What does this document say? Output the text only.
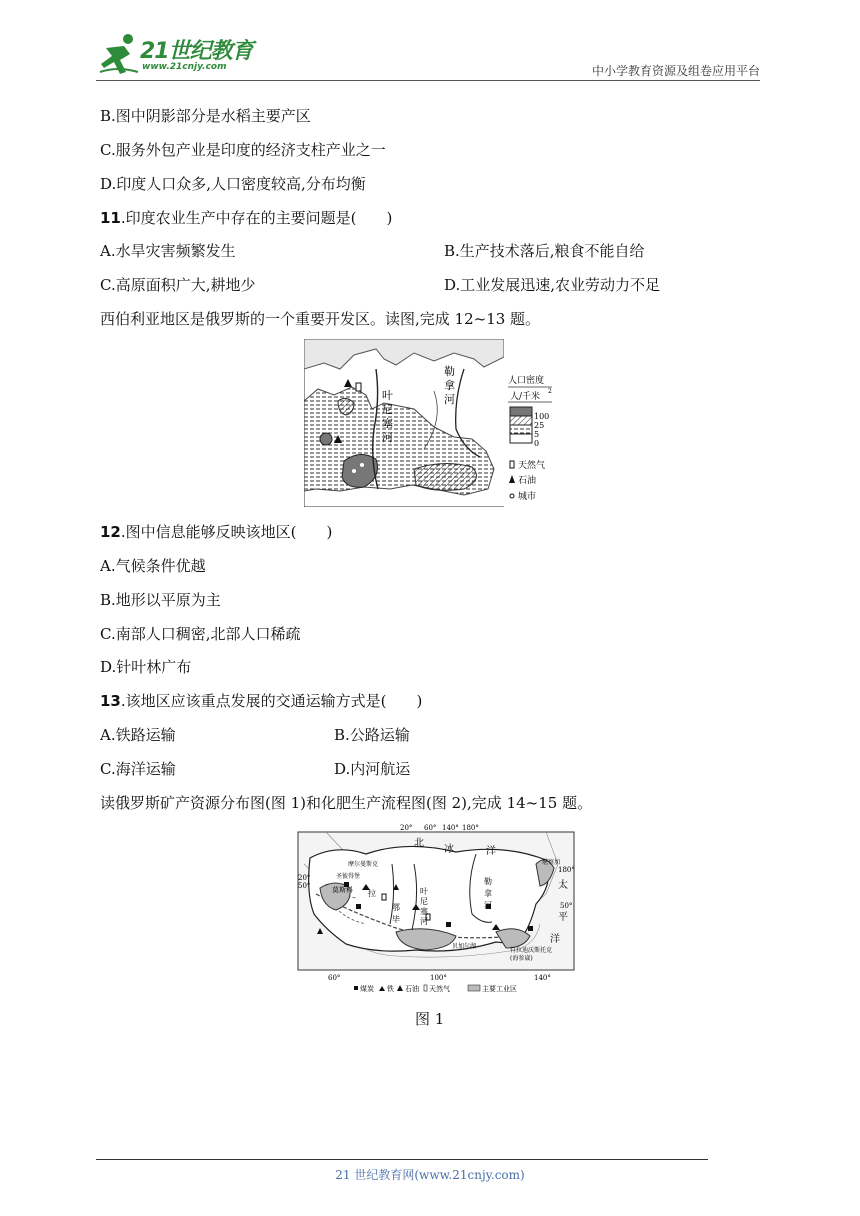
21世纪教育
www.21cnjy.com	中小学教育资源及组卷应用平台
B.图中阴影部分是水稻主要产区
C.服务外包产业是印度的经济支柱产业之一
D.印度人口众多,人口密度较高,分布均衡
11.印度农业生产中存在的主要问题是(　　)
A.水旱灾害频繁发生	B.生产技术落后,粮食不能自给
C.高原面积广大,耕地少	D.工业发展迅速,农业劳动力不足
西伯利亚地区是俄罗斯的一个重要开发区。读图,完成 12~13 题。
叶
尼
塞
河
勒
拿
河
人口密度
人/千米
2
100
25
5
0
天然气
石油
城市
12.图中信息能够反映该地区(　　)
A.气候条件优越
B.地形以平原为主
C.南部人口稠密,北部人口稀疏
D.针叶林广布
13.该地区应该重点发展的交通运输方式是(　　)
A.铁路运输	B.公路运输
C.海洋运输	D.内河航运
读俄罗斯矿产资源分布图(图 1)和化肥生产流程图(图 2),完成 14~15 题。
20° 60° 140° 180°
北
冰	洋
太
平
洋
180°
50°
20°
50°
60°	100°	140°
摩尔曼斯克
圣彼得堡
莫斯科 拉
贝加尔湖
符拉迪沃斯托克
(海参崴)
堪察加
鄂
毕
叶
尼
塞
河
勒
拿
河
煤炭 铁 石油 天然气	主要工业区
图 1
21 世纪教育网(www.21cnjy.com)
